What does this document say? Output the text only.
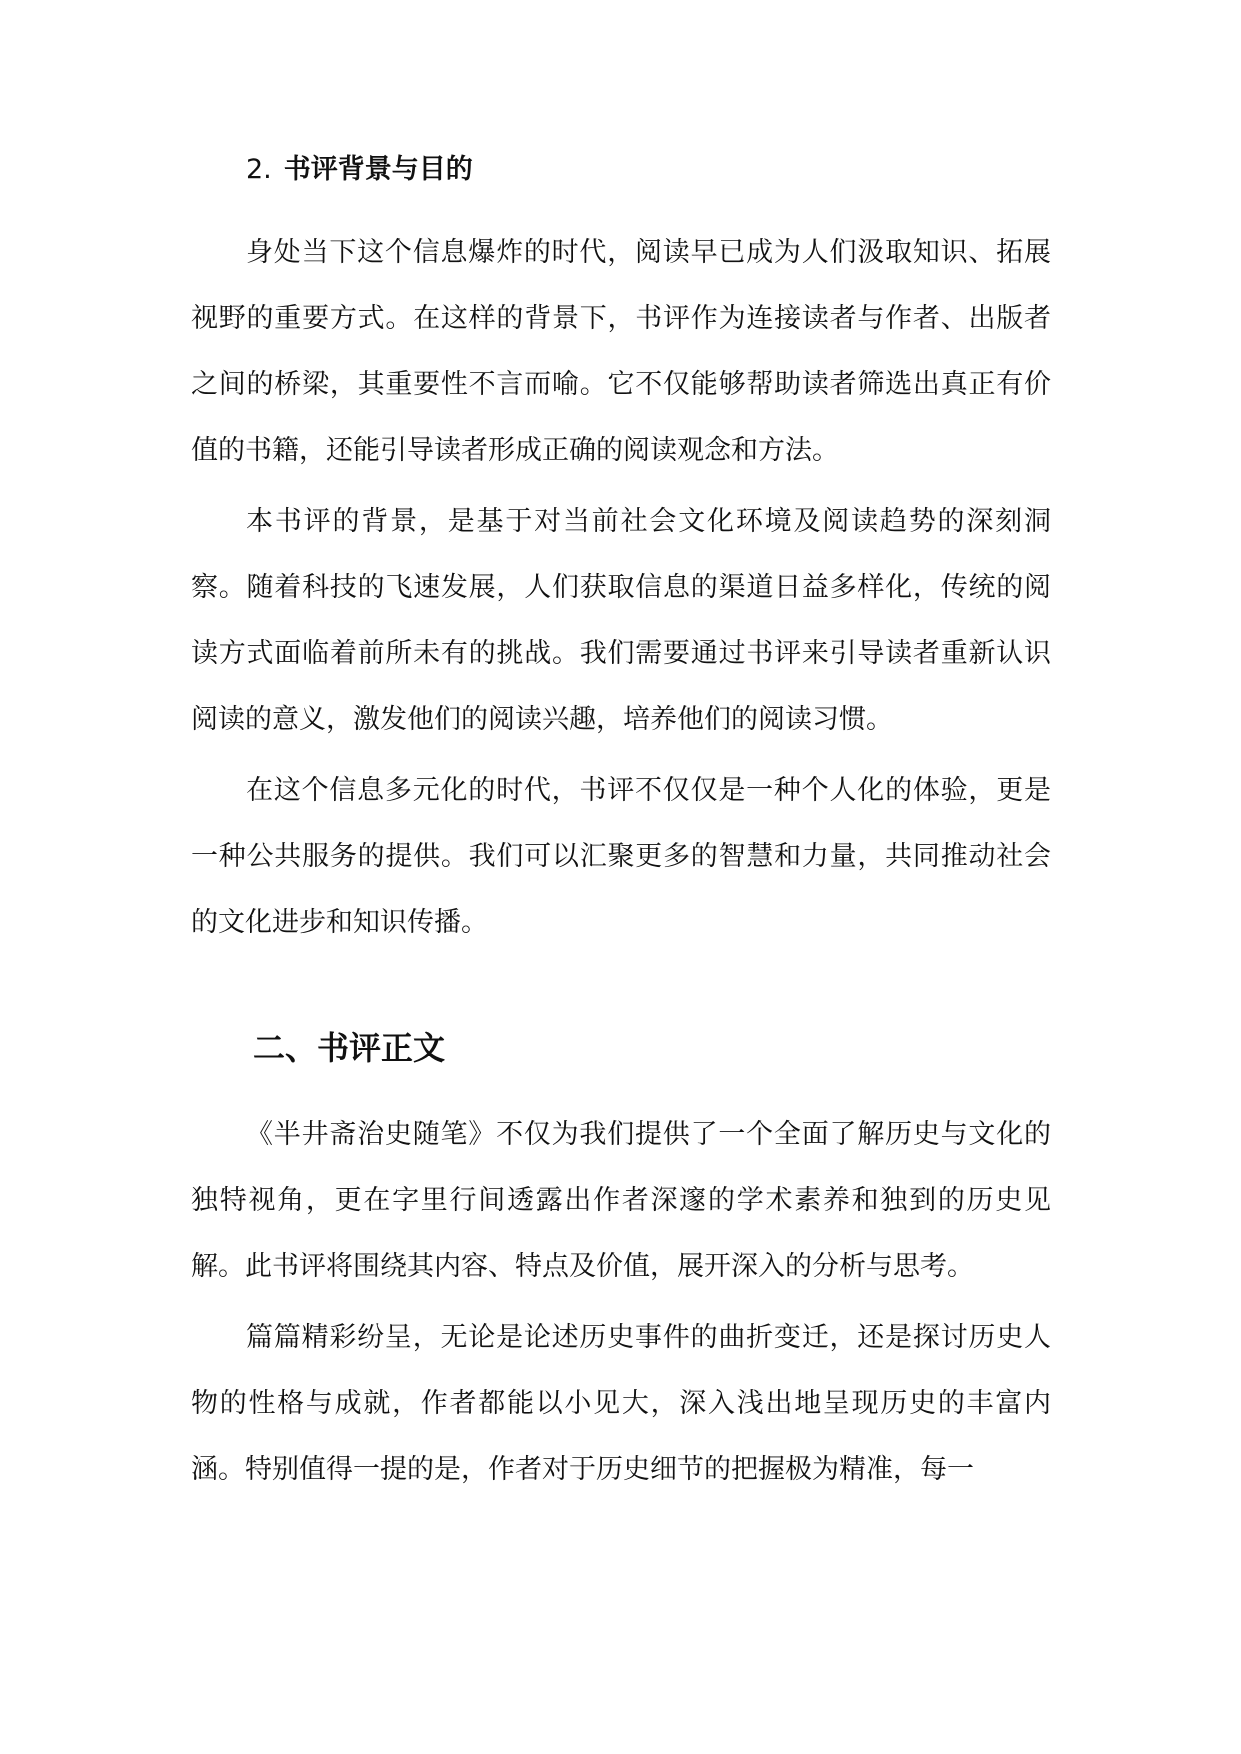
2. 书评背景与目的

身处当下这个信息爆炸的时代，阅读早已成为人们汲取知识、拓展视野的重要方式。在这样的背景下，书评作为连接读者与作者、出版者之间的桥梁，其重要性不言而喻。它不仅能够帮助读者筛选出真正有价值的书籍，还能引导读者形成正确的阅读观念和方法。

本书评的背景，是基于对当前社会文化环境及阅读趋势的深刻洞察。随着科技的飞速发展，人们获取信息的渠道日益多样化，传统的阅读方式面临着前所未有的挑战。我们需要通过书评来引导读者重新认识阅读的意义，激发他们的阅读兴趣，培养他们的阅读习惯。

在这个信息多元化的时代，书评不仅仅是一种个人化的体验，更是一种公共服务的提供。我们可以汇聚更多的智慧和力量，共同推动社会的文化进步和知识传播。

二、书评正文

《半井斋治史随笔》不仅为我们提供了一个全面了解历史与文化的独特视角，更在字里行间透露出作者深邃的学术素养和独到的历史见解。此书评将围绕其内容、特点及价值，展开深入的分析与思考。

篇篇精彩纷呈，无论是论述历史事件的曲折变迁，还是探讨历史人物的性格与成就，作者都能以小见大，深入浅出地呈现历史的丰富内涵。特别值得一提的是，作者对于历史细节的把握极为精准，每一
